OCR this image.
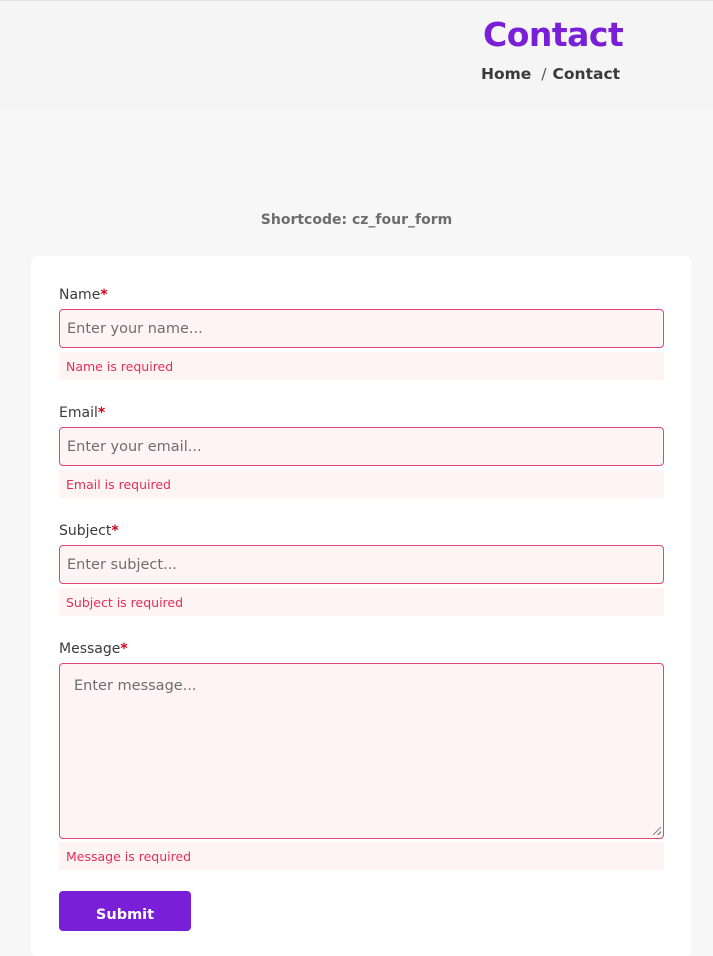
Contact
Home / Contact
Shortcode: cz_four_form
Name*
Enter your name...
Name is required
Email*
Enter your email...
Email is required
Subject*
Enter subject...
Subject is required
Message*
Enter message...
Message is required
Submit
